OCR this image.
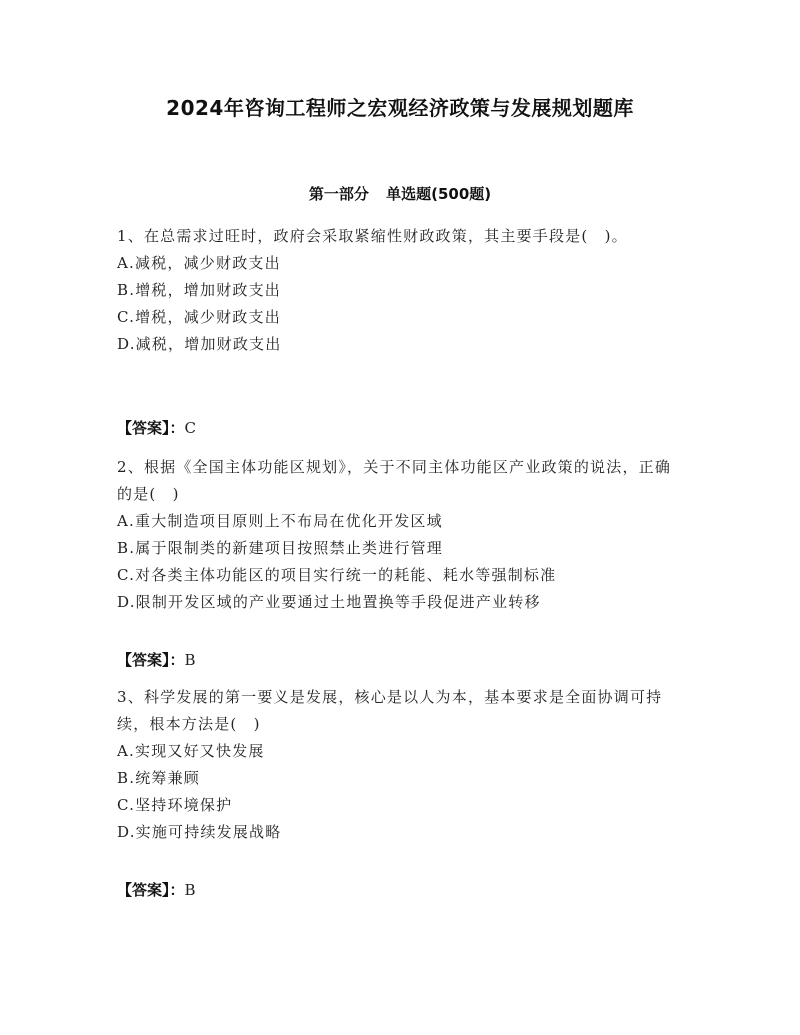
2024年咨询工程师之宏观经济政策与发展规划题库
第一部分 单选题(500题)
1、在总需求过旺时，政府会采取紧缩性财政政策，其主要手段是(　)。
A.减税，减少财政支出
B.增税，增加财政支出
C.增税，减少财政支出
D.减税，增加财政支出
【答案】：C
2、根据《全国主体功能区规划》，关于不同主体功能区产业政策的说法，正确的是(　)
A.重大制造项目原则上不布局在优化开发区域
B.属于限制类的新建项目按照禁止类进行管理
C.对各类主体功能区的项目实行统一的耗能、耗水等强制标准
D.限制开发区域的产业要通过土地置换等手段促进产业转移
【答案】：B
3、科学发展的第一要义是发展，核心是以人为本，基本要求是全面协调可持续，根本方法是(　)
A.实现又好又快发展
B.统筹兼顾
C.坚持环境保护
D.实施可持续发展战略
【答案】：B
